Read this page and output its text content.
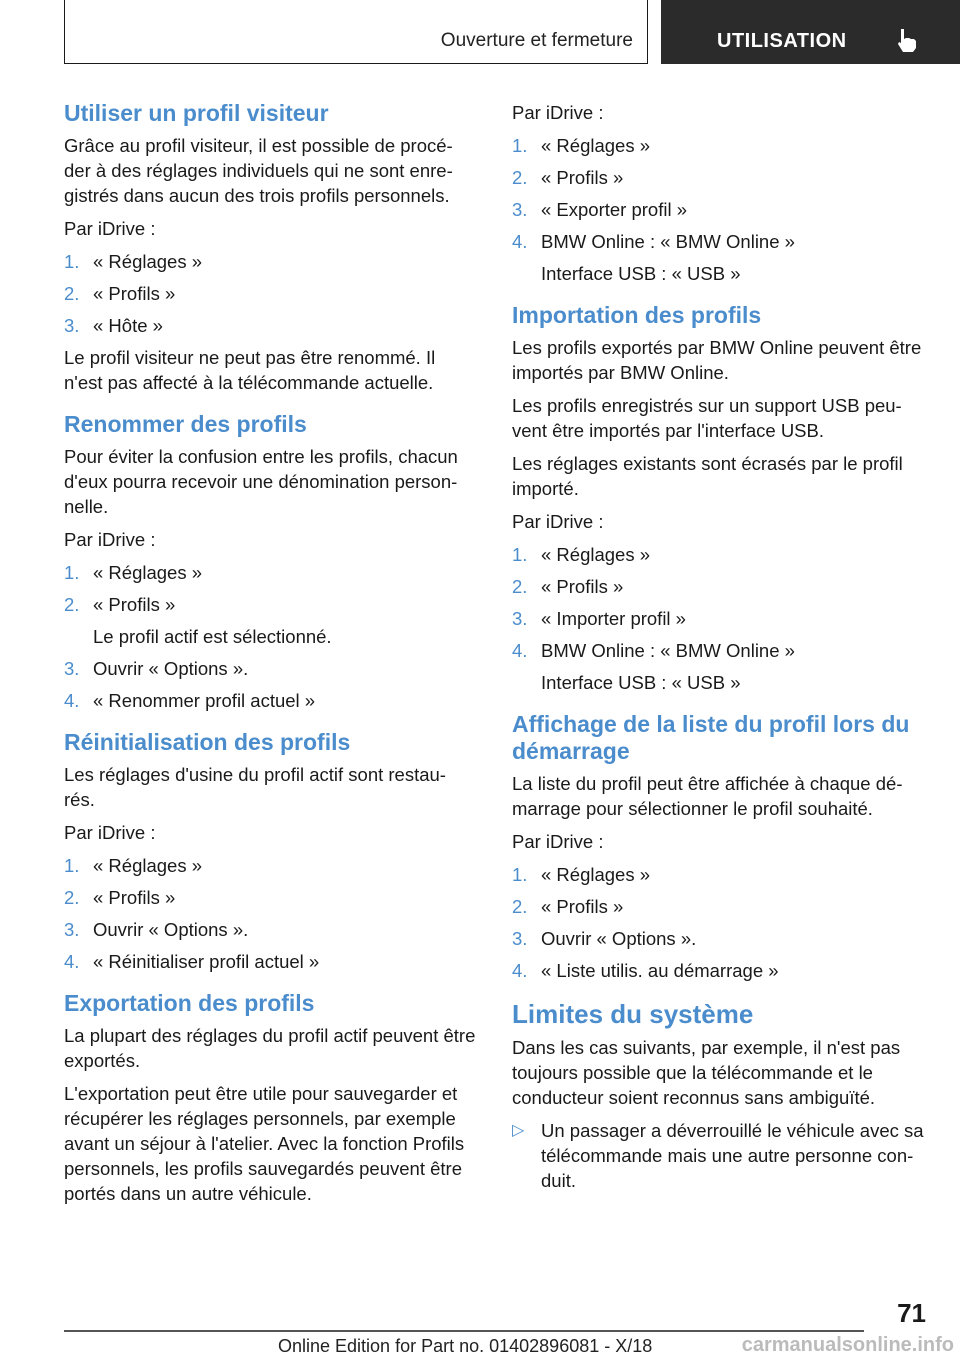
Ouverture et fermeture	UTILISATION
Utiliser un profil visiteur

Grâce au profil visiteur, il est possible de procé-der à des réglages individuels qui ne sont enre-gistrés dans aucun des trois profils personnels.

Par iDrive :

1. « Réglages »
2. « Profils »
3. « Hôte »

Le profil visiteur ne peut pas être renommé. Il n'est pas affecté à la télécommande actuelle.

Renommer des profils

Pour éviter la confusion entre les profils, chacun d'eux pourra recevoir une dénomination person-nelle.

Par iDrive :

1. « Réglages »
2. « Profils »
Le profil actif est sélectionné.
3. Ouvrir « Options ».
4. « Renommer profil actuel »
Réinitialisation des profils

Les réglages d'usine du profil actif sont restau-rés.

Par iDrive :

1. « Réglages »
2. « Profils »
3. Ouvrir « Options ».
4. « Réinitialiser profil actuel »
Exportation des profils

La plupart des réglages du profil actif peuvent être exportés.

L'exportation peut être utile pour sauvegarder et récupérer les réglages personnels, par exemple avant un séjour à l'atelier. Avec la fonction Profils personnels, les profils sauvegardés peuvent être portés dans un autre véhicule.

Par iDrive :

1. « Réglages »
2. « Profils »
3. « Exporter profil »
4. BMW Online : « BMW Online »
Interface USB : « USB »
Importation des profils

Les profils exportés par BMW Online peuvent être importés par BMW Online.

Les profils enregistrés sur un support USB peu-vent être importés par l'interface USB.

Les réglages existants sont écrasés par le profil importé.

Par iDrive :

1. « Réglages »
2. « Profils »
3. « Importer profil »
4. BMW Online : « BMW Online »
Interface USB : « USB »
Affichage de la liste du profil lors du démarrage

La liste du profil peut être affichée à chaque dé-marrage pour sélectionner le profil souhaité.

Par iDrive :

1. « Réglages »
2. « Profils »
3. Ouvrir « Options ».
4. « Liste utilis. au démarrage »
Limites du système

Dans les cas suivants, par exemple, il n'est pas toujours possible que la télécommande et le conducteur soient reconnus sans ambiguïté.

▷ Un passager a déverrouillé le véhicule avec sa télécommande mais une autre personne con-duit.
71
Online Edition for Part no. 01402896081 - X/18	carmanualsonline.info
